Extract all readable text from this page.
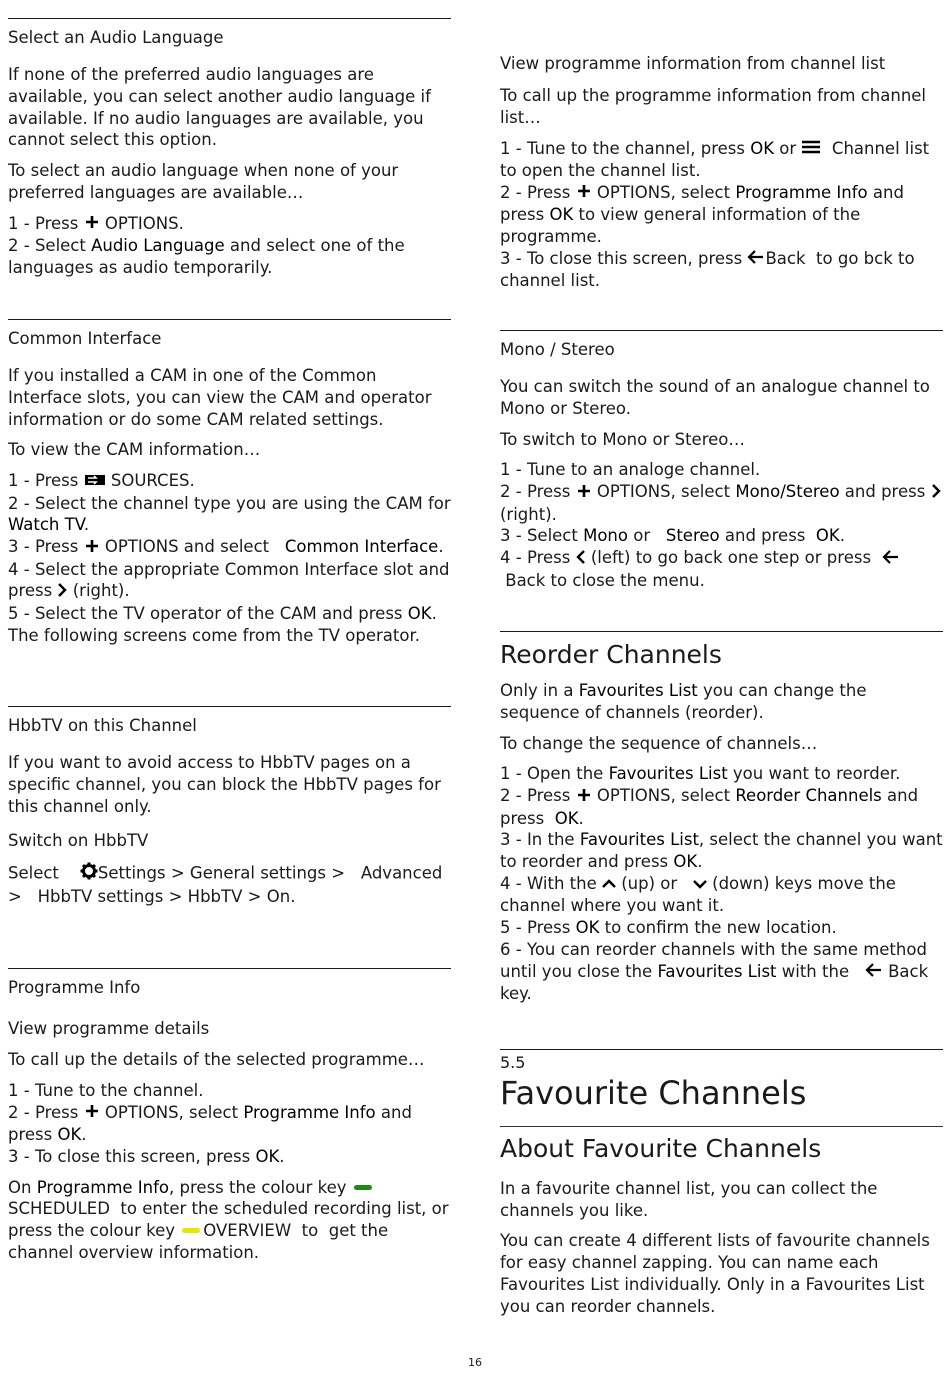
Select an Audio Language

If none of the preferred audio languages are available, you can select another audio language if available. If no audio languages are available, you cannot select this option.

To select an audio language when none of your preferred languages are available…

1 - Press  OPTIONS.

2 - Select Audio Language and select one of the languages as audio temporarily.

Common Interface

If you installed a CAM in one of the Common Interface slots, you can view the CAM and operator information or do some CAM related settings.

To view the CAM information…

1 - Press  SOURCES.

2 - Select the channel type you are using the CAM for Watch TV.

3 - Press  OPTIONS and select   Common Interface.

4 - Select the appropriate Common Interface slot and press  (right).

5 - Select the TV operator of the CAM and press OK. The following screens come from the TV operator.

HbbTV on this Channel

If you want to avoid access to HbbTV pages on a specific channel, you can block the HbbTV pages for this channel only.

Switch on HbbTV

Select    Settings > General settings >   Advanced >   HbbTV settings > HbbTV > On.

Programme Info
View programme details

To call up the details of the selected programme…

1 - Tune to the channel.

2 - Press  OPTIONS, select Programme Info and press OK.

3 - To close this screen, press OK.

On Programme Info, press the colour key SCHEDULED  to enter the scheduled recording list, or press the colour key OVERVIEW  to  get the channel overview information.

View programme information from channel list

To call up the programme information from channel list…

1 - Tune to the channel, press OK or   Channel list to open the channel list.

2 - Press  OPTIONS, select Programme Info and press OK to view general information of the programme.

3 - To close this screen, press Back  to go bck to channel list.

Mono / Stereo

You can switch the sound of an analogue channel to Mono or Stereo.

To switch to Mono or Stereo…

1 - Tune to an analoge channel.

2 - Press  OPTIONS, select Mono/Stereo and press  (right).

3 - Select Mono or   Stereo and press  OK.

4 - Press  (left) to go back one step or press   Back to close the menu.

Reorder Channels

Only in a Favourites List you can change the sequence of channels (reorder).

To change the sequence of channels…

1 - Open the Favourites List you want to reorder.

2 - Press  OPTIONS, select Reorder Channels and press  OK.

3 - In the Favourites List, select the channel you want to reorder and press OK.

4 - With the  (up) or    (down) keys move the channel where you want it.

5 - Press OK to confirm the new location.

6 - You can reorder channels with the same method until you close the Favourites List with the    Back key.

5.5
Favourite Channels
About Favourite Channels

In a favourite channel list, you can collect the channels you like.

You can create 4 different lists of favourite channels for easy channel zapping. You can name each Favourites List individually. Only in a Favourites List you can reorder channels.

16
